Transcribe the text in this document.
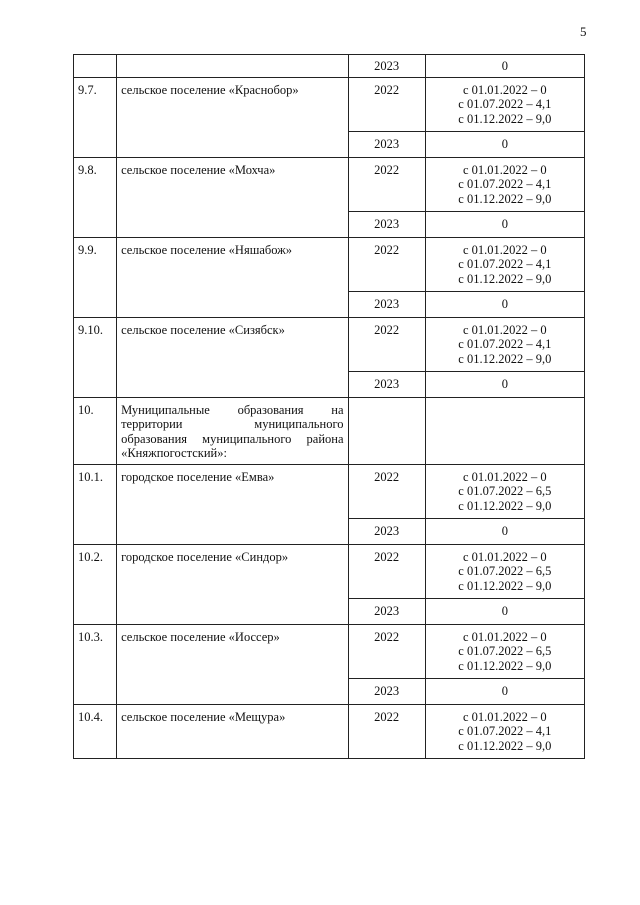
5
		2023	0

9.7.	сельское поселение «Краснобор»	2022	с 01.01.2022 – 0
с 01.07.2022 – 4,1
с 01.12.2022 – 9,0

		2023	0

9.8.	сельское поселение «Мохча»	2022	с 01.01.2022 – 0
с 01.07.2022 – 4,1
с 01.12.2022 – 9,0

		2023	0

9.9.	сельское поселение «Няшабож»	2022	с 01.01.2022 – 0
с 01.07.2022 – 4,1
с 01.12.2022 – 9,0

		2023	0

9.10.	сельское поселение «Сизябск»	2022	с 01.01.2022 – 0
с 01.07.2022 – 4,1
с 01.12.2022 – 9,0

		2023	0

10.	Муниципальные образования на территории муниципального образования муниципального района «Княжпогостский»:		
10.1.	городское поселение «Емва»	2022	с 01.01.2022 – 0
с 01.07.2022 – 6,5
с 01.12.2022 – 9,0

		2023	0

10.2.	городское поселение «Синдор»	2022	с 01.01.2022 – 0
с 01.07.2022 – 6,5
с 01.12.2022 – 9,0

		2023	0

10.3.	сельское поселение «Иоссер»	2022	с 01.01.2022 – 0
с 01.07.2022 – 6,5
с 01.12.2022 – 9,0

		2023	0

10.4.	сельское поселение «Мещура»	2022	с 01.01.2022 – 0
с 01.07.2022 – 4,1
с 01.12.2022 – 9,0
